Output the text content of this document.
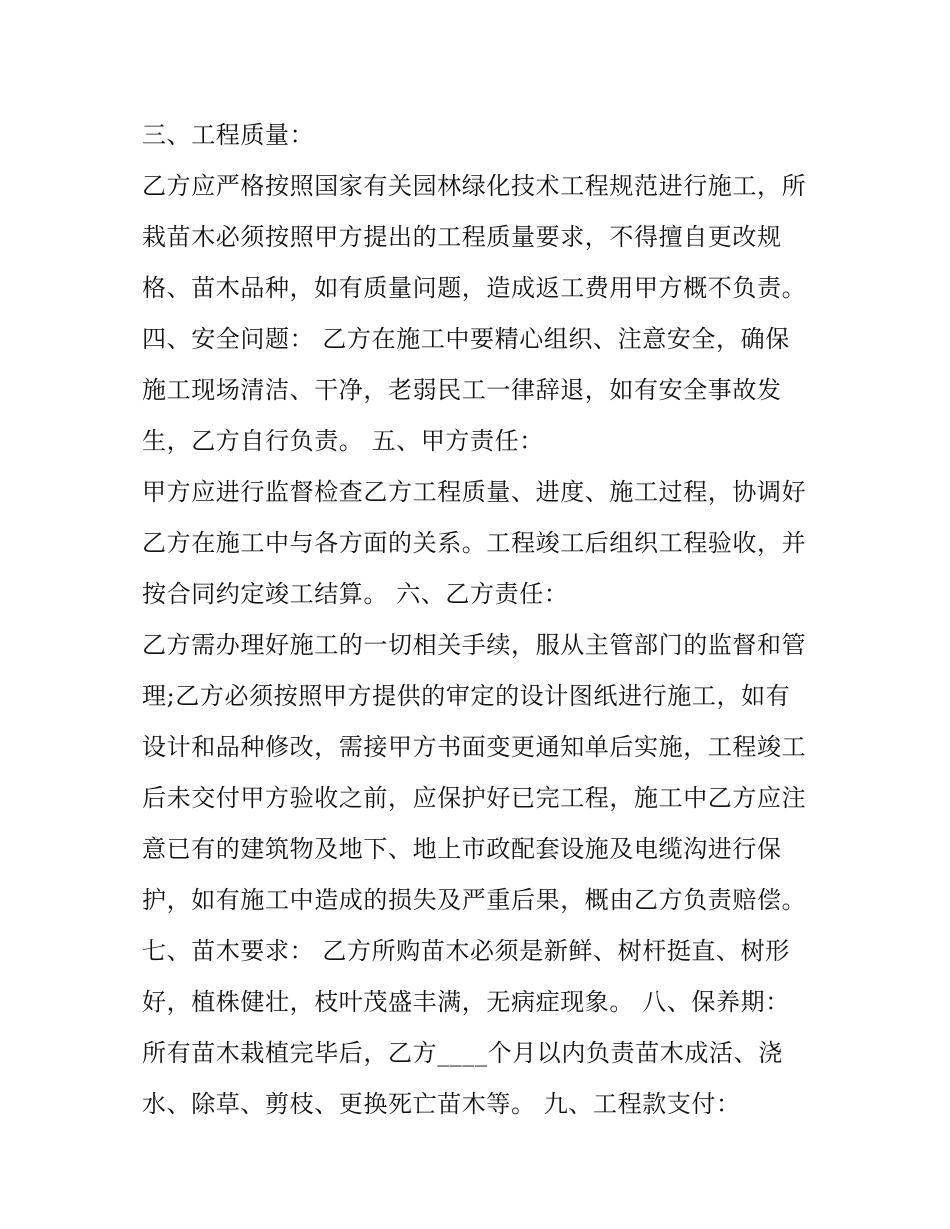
三、工程质量：
乙方应严格按照国家有关园林绿化技术工程规范进行施工，所
栽苗木必须按照甲方提出的工程质量要求，不得擅自更改规
格、苗木品种，如有质量问题，造成返工费用甲方概不负责。
四、安全问题： 乙方在施工中要精心组织、注意安全，确保
施工现场清洁、干净，老弱民工一律辞退，如有安全事故发
生，乙方自行负责。 五、甲方责任：
甲方应进行监督检查乙方工程质量、进度、施工过程，协调好
乙方在施工中与各方面的关系。工程竣工后组织工程验收，并
按合同约定竣工结算。 六、乙方责任：
乙方需办理好施工的一切相关手续，服从主管部门的监督和管
理;乙方必须按照甲方提供的审定的设计图纸进行施工，如有
设计和品种修改，需接甲方书面变更通知单后实施，工程竣工
后未交付甲方验收之前，应保护好已完工程，施工中乙方应注
意已有的建筑物及地下、地上市政配套设施及电缆沟进行保
护，如有施工中造成的损失及严重后果，概由乙方负责赔偿。
七、苗木要求： 乙方所购苗木必须是新鲜、树杆挺直、树形
好，植株健壮，枝叶茂盛丰满，无病症现象。 八、保养期：
所有苗木栽植完毕后，乙方____个月以内负责苗木成活、浇
水、除草、剪枝、更换死亡苗木等。 九、工程款支付：
